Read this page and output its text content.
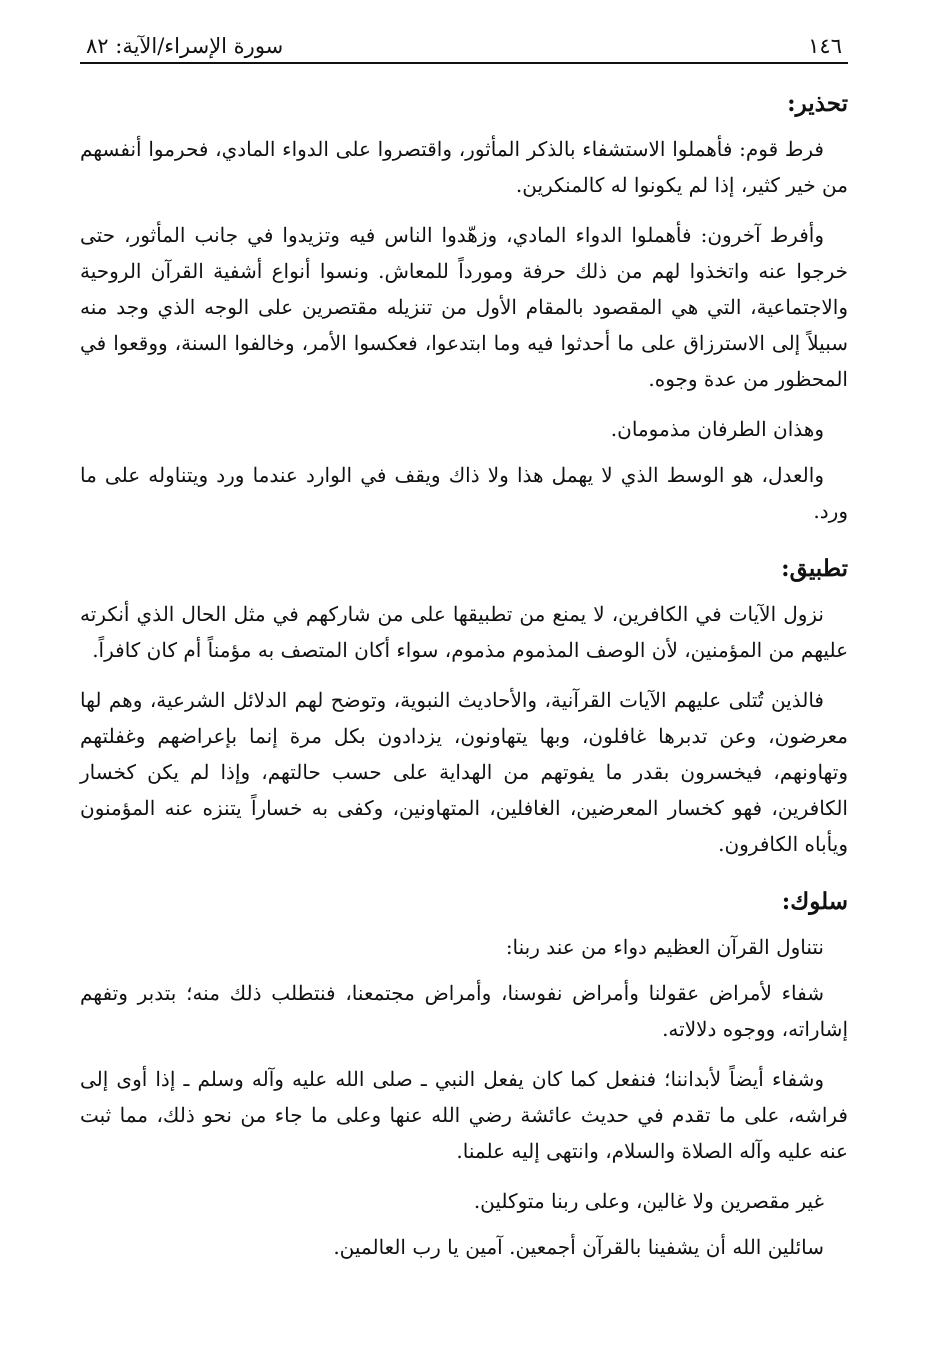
١٤٦
سورة الإسراء/الآية: ٨٢
تحذير:

فرط قوم: فأهملوا الاستشفاء بالذكر المأثور، واقتصروا على الدواء المادي، فحرموا أنفسهم من خير كثير، إذا لم يكونوا له كالمنكرين.

وأفرط آخرون: فأهملوا الدواء المادي، وزهّدوا الناس فيه وتزيدوا في جانب المأثور، حتى خرجوا عنه واتخذوا لهم من ذلك حرفة ومورداً للمعاش. ونسوا أنواع أشفية القرآن الروحية والاجتماعية، التي هي المقصود بالمقام الأول من تنزيله مقتصرين على الوجه الذي وجد منه سبيلاً إلى الاسترزاق على ما أحدثوا فيه وما ابتدعوا، فعكسوا الأمر، وخالفوا السنة، ووقعوا في المحظور من عدة وجوه.

وهذان الطرفان مذمومان.

والعدل، هو الوسط الذي لا يهمل هذا ولا ذاك ويقف في الوارد عندما ورد ويتناوله على ما ورد.

تطبيق:

نزول الآيات في الكافرين، لا يمنع من تطبيقها على من شاركهم في مثل الحال الذي أنكرته عليهم من المؤمنين، لأن الوصف المذموم مذموم، سواء أكان المتصف به مؤمناً أم كان كافراً.

فالذين تُتلى عليهم الآيات القرآنية، والأحاديث النبوية، وتوضح لهم الدلائل الشرعية، وهم لها معرضون، وعن تدبرها غافلون، وبها يتهاونون، يزدادون بكل مرة إنما بإعراضهم وغفلتهم وتهاونهم، فيخسرون بقدر ما يفوتهم من الهداية على حسب حالتهم، وإذا لم يكن كخسار الكافرين، فهو كخسار المعرضين، الغافلين، المتهاونين، وكفى به خساراً يتنزه عنه المؤمنون ويأباه الكافرون.

سلوك:

نتناول القرآن العظيم دواء من عند ربنا:

شفاء لأمراض عقولنا وأمراض نفوسنا، وأمراض مجتمعنا، فنتطلب ذلك منه؛ بتدبر وتفهم إشاراته، ووجوه دلالاته.

وشفاء أيضاً لأبداننا؛ فنفعل كما كان يفعل النبي ـ صلى الله عليه وآله وسلم ـ إذا أوى إلى فراشه، على ما تقدم في حديث عائشة رضي الله عنها وعلى ما جاء من نحو ذلك، مما ثبت عنه عليه وآله الصلاة والسلام، وانتهى إليه علمنا.

غير مقصرين ولا غالين، وعلى ربنا متوكلين.

سائلين الله أن يشفينا بالقرآن أجمعين. آمين يا رب العالمين.
